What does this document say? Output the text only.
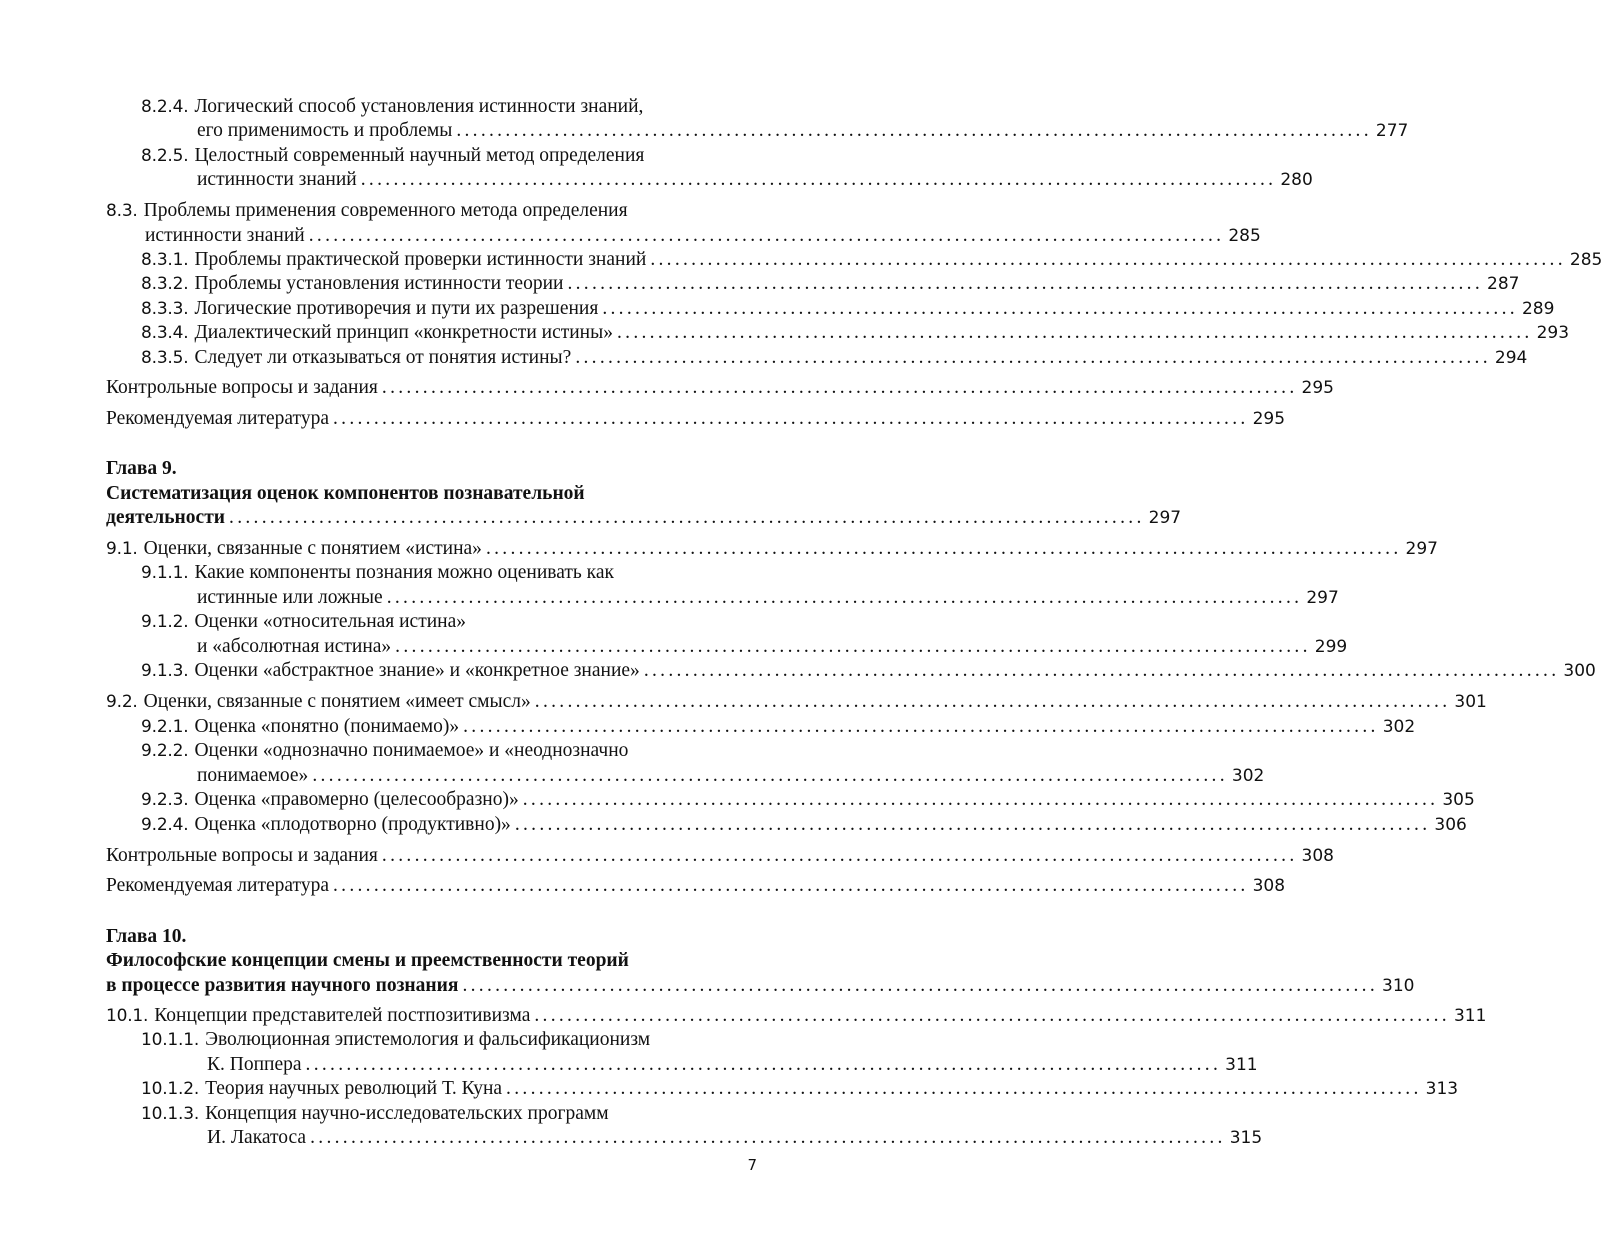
8.2.4. Логический способ установления истинности знаний,
его применимость и проблемы ................................................................................................................ 277
8.2.5. Целостный современный научный метод определения
истинности знаний ................................................................................................................ 280
8.3. Проблемы применения современного метода определения
истинности знаний ................................................................................................................ 285
8.3.1. Проблемы практической проверки истинности знаний ................................................................................................................ 285
8.3.2. Проблемы установления истинности теории ................................................................................................................ 287
8.3.3. Логические противоречия и пути их разрешения ................................................................................................................ 289
8.3.4. Диалектический принцип «конкретности истины» ................................................................................................................ 293
8.3.5. Следует ли отказываться от понятия истины? ................................................................................................................ 294
Контрольные вопросы и задания ................................................................................................................ 295
Рекомендуемая литература ................................................................................................................ 295
Глава 9.
Систематизация оценок компонентов познавательной
деятельности ................................................................................................................ 297
9.1. Оценки, связанные с понятием «истина» ................................................................................................................ 297
9.1.1. Какие компоненты познания можно оценивать как
истинные или ложные ................................................................................................................ 297
9.1.2. Оценки «относительная истина»
и «абсолютная истина» ................................................................................................................ 299
9.1.3. Оценки «абстрактное знание» и «конкретное знание» ................................................................................................................ 300
9.2. Оценки, связанные с понятием «имеет смысл» ................................................................................................................ 301
9.2.1. Оценка «понятно (понимаемо)» ................................................................................................................ 302
9.2.2. Оценки «однозначно понимаемое» и «неоднозначно
понимаемое» ................................................................................................................ 302
9.2.3. Оценка «правомерно (целесообразно)» ................................................................................................................ 305
9.2.4. Оценка «плодотворно (продуктивно)» ................................................................................................................ 306
Контрольные вопросы и задания ................................................................................................................ 308
Рекомендуемая литература ................................................................................................................ 308
Глава 10.
Философские концепции смены и преемственности теорий
в процессе развития научного познания ................................................................................................................ 310
10.1. Концепции представителей постпозитивизма ................................................................................................................ 311
10.1.1. Эволюционная эпистемология и фальсификационизм
К. Поппера ................................................................................................................ 311
10.1.2. Теория научных революций Т. Куна ................................................................................................................ 313
10.1.3. Концепция научно-исследовательских программ
И. Лакатоса ................................................................................................................ 315
7
